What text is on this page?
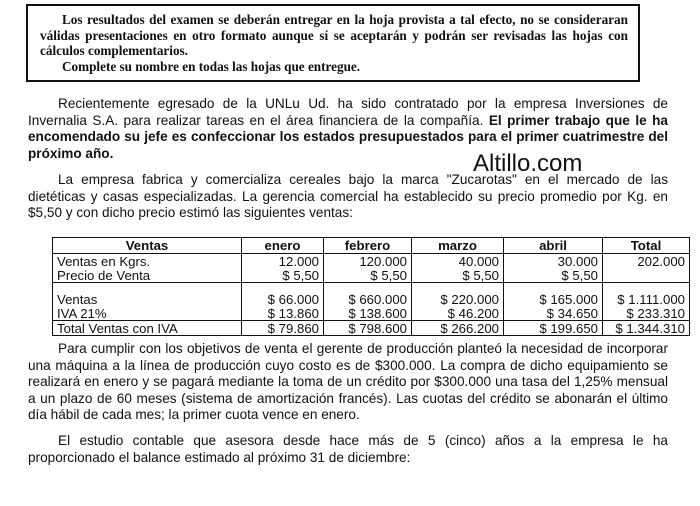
Los resultados del examen se deberán entregar en la hoja provista a tal efecto, no se consideraran válidas presentaciones en otro formato aunque sí se aceptarán y podrán ser revisadas las hojas con cálculos complementarios.

Complete su nombre en todas las hojas que entregue.

Recientemente egresado de la UNLu Ud. ha sido contratado por la empresa Inversiones de Invernalia S.A. para realizar tareas en el área financiera de la compañía. El primer trabajo que le ha encomendado su jefe es confeccionar los estados presupuestados para el primer cuatrimestre del próximo año.	Altillo.com

La empresa fabrica y comercializa cereales bajo la marca "Zucarotas" en el mercado de las dietéticas y casas especializadas. La gerencia comercial ha establecido su precio promedio por Kg. en $5,50 y con dicho precio estimó las siguientes ventas:

Ventas	enero	febrero	marzo	abril	Total
Ventas en Kgrs.	12.000	120.000	40.000	30.000	202.000
Precio de Venta	$ 5,50	$ 5,50	$ 5,50	$ 5,50	

Ventas	$ 66.000	$ 660.000	$ 220.000	$ 165.000	$ 1.111.000
IVA 21%	$ 13.860	$ 138.600	$ 46.200	$ 34.650	$ 233.310
Total Ventas con IVA	$ 79.860	$ 798.600	$ 266.200	$ 199.650	$ 1.344.310

Para cumplir con los objetivos de venta el gerente de producción planteó la necesidad de incorporar una máquina a la línea de producción cuyo costo es de $300.000. La compra de dicho equipamiento se realizará en enero y se pagará mediante la toma de un crédito por $300.000 una tasa del 1,25% mensual a un plazo de 60 meses (sistema de amortización francés). Las cuotas del crédito se abonarán el último día hábil de cada mes; la primer cuota vence en enero.

El estudio contable que asesora desde hace más de 5 (cinco) años a la empresa le ha proporcionado el balance estimado al próximo 31 de diciembre:
